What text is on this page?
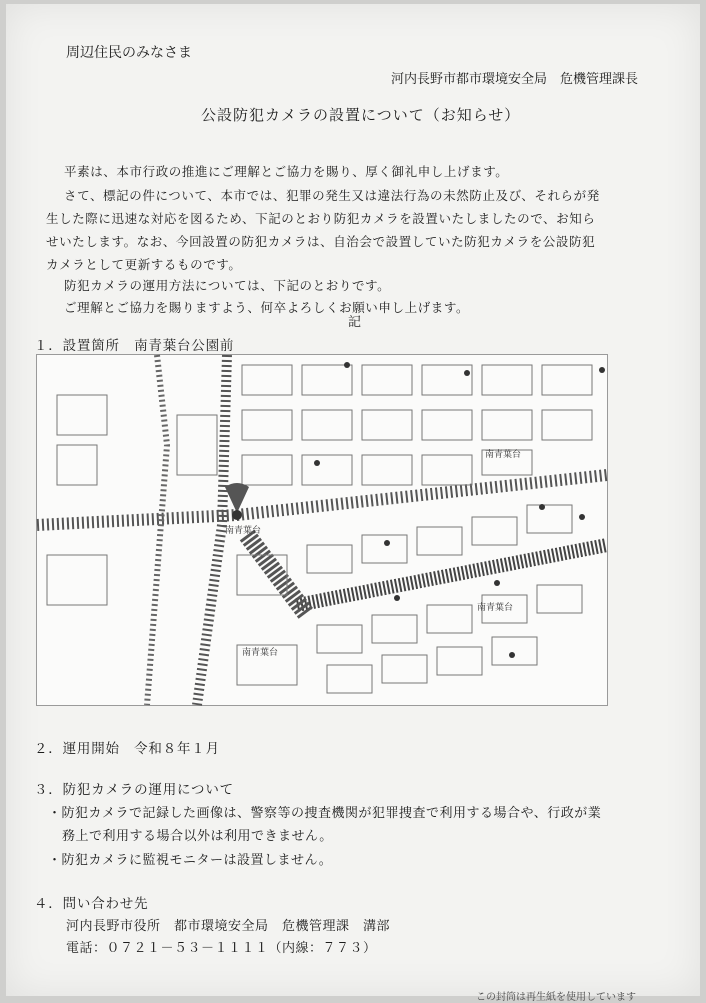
周辺住民のみなさま
河内長野市都市環境安全局　危機管理課長
公設防犯カメラの設置について（お知らせ）
平素は、本市行政の推進にご理解とご協力を賜り、厚く御礼申し上げます。
さて、標記の件について、本市では、犯罪の発生又は違法行為の未然防止及び、それらが発
生した際に迅速な対応を図るため、下記のとおり防犯カメラを設置いたしましたので、お知ら
せいたします。なお、今回設置の防犯カメラは、自治会で設置していた防犯カメラを公設防犯
カメラとして更新するものです。
防犯カメラの運用方法については、下記のとおりです。
ご理解とご協力を賜りますよう、何卒よろしくお願い申し上げます。
記
１．設置箇所　南青葉台公園前
南青葉台
南青葉台
南青葉台
南青葉台
２．運用開始　令和８年１月
３．防犯カメラの運用について
・防犯カメラで記録した画像は、警察等の捜査機関が犯罪捜査で利用する場合や、行政が業
務上で利用する場合以外は利用できません。
・防犯カメラに監視モニターは設置しません。
４．問い合わせ先
河内長野市役所　都市環境安全局　危機管理課　溝部
電話：０７２１－５３－１１１１（内線：７７３）
この封筒は再生紙を使用しています
